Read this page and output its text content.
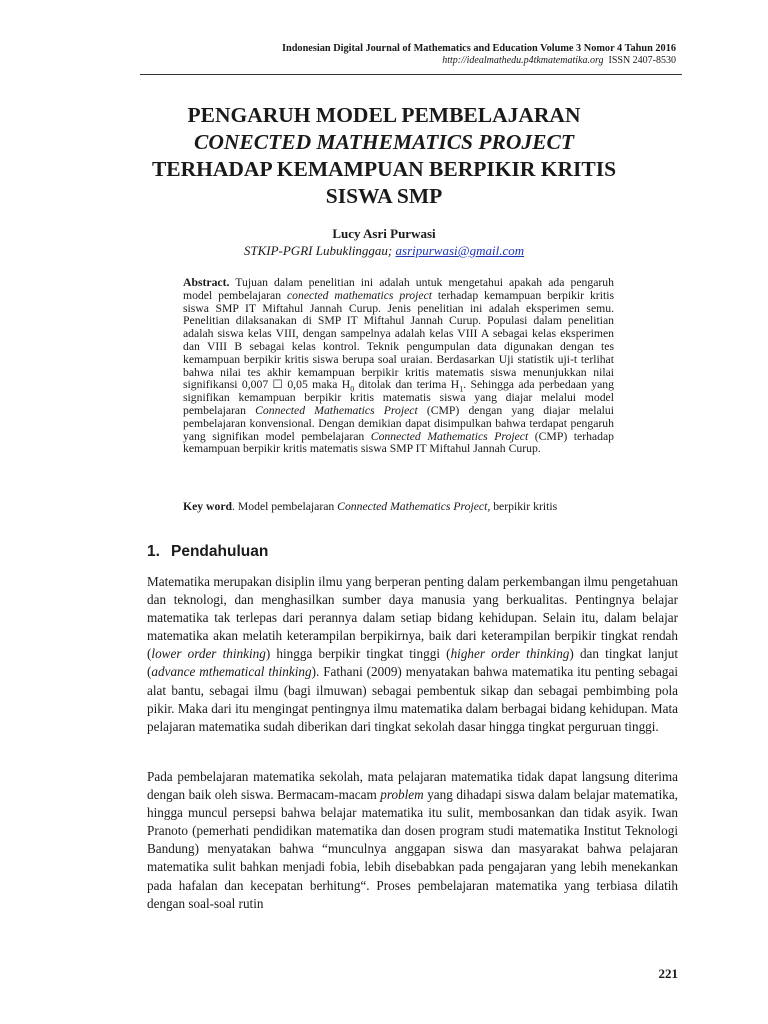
Indonesian Digital Journal of Mathematics and Education Volume 3 Nomor 4 Tahun 2016
http://idealmathedu.p4tkmatematika.org ISSN 2407-8530
PENGARUH MODEL PEMBELAJARAN
CONECTED MATHEMATICS PROJECT
TERHADAP KEMAMPUAN BERPIKIR KRITIS
SISWA SMP
Lucy Asri Purwasi
STKIP-PGRI Lubuklinggau; asripurwasi@gmail.com
Abstract. Tujuan dalam penelitian ini adalah untuk mengetahui apakah ada pengaruh model pembelajaran conected mathematics project terhadap kemampuan berpikir kritis siswa SMP IT Miftahul Jannah Curup. Jenis penelitian ini adalah eksperimen semu. Penelitian dilaksanakan di SMP IT Miftahul Jannah Curup. Populasi dalam penelitian adalah siswa kelas VIII, dengan sampelnya adalah kelas VIII A sebagai kelas eksperimen dan VIII B sebagai kelas kontrol. Teknik pengumpulan data digunakan dengan tes kemampuan berpikir kritis siswa berupa soal uraian. Berdasarkan Uji statistik uji-t terlihat bahwa nilai tes akhir kemampuan berpikir kritis matematis siswa menunjukkan nilai signifikansi 0,007 ☐ 0,05 maka $H_0$ ditolak dan terima $H_1$. Sehingga ada perbedaan yang signifikan kemampuan berpikir kritis matematis siswa yang diajar melalui model pembelajaran Connected Mathematics Project (CMP) dengan yang diajar melalui pembelajaran konvensional. Dengan demikian dapat disimpulkan bahwa terdapat pengaruh yang signifikan model pembelajaran Connected Mathematics Project (CMP) terhadap kemampuan berpikir kritis matematis siswa SMP IT Miftahul Jannah Curup.
Key word. Model pembelajaran Connected Mathematics Project, berpikir kritis
1. Pendahuluan
Matematika merupakan disiplin ilmu yang berperan penting dalam perkembangan ilmu pengetahuan dan teknologi, dan menghasilkan sumber daya manusia yang berkualitas. Pentingnya belajar matematika tak terlepas dari perannya dalam setiap bidang kehidupan. Selain itu, dalam belajar matematika akan melatih keterampilan berpikirnya, baik dari keterampilan berpikir tingkat rendah (lower order thinking) hingga berpikir tingkat tinggi (higher order thinking) dan tingkat lanjut (advance mthematical thinking). Fathani (2009) menyatakan bahwa matematika itu penting sebagai alat bantu, sebagai ilmu (bagi ilmuwan) sebagai pembentuk sikap dan sebagai pembimbing pola pikir. Maka dari itu mengingat pentingnya ilmu matematika dalam berbagai bidang kehidupan. Mata pelajaran matematika sudah diberikan dari tingkat sekolah dasar hingga tingkat perguruan tinggi.
Pada pembelajaran matematika sekolah, mata pelajaran matematika tidak dapat langsung diterima dengan baik oleh siswa. Bermacam-macam problem yang dihadapi siswa dalam belajar matematika, hingga muncul persepsi bahwa belajar matematika itu sulit, membosankan dan tidak asyik. Iwan Pranoto (pemerhati pendidikan matematika dan dosen program studi matematika Institut Teknologi Bandung) menyatakan bahwa “munculnya anggapan siswa dan masyarakat bahwa pelajaran matematika sulit bahkan menjadi fobia, lebih disebabkan pada pengajaran yang lebih menekankan pada hafalan dan kecepatan berhitung“. Proses pembelajaran matematika yang terbiasa dilatih dengan soal-soal rutin
221
